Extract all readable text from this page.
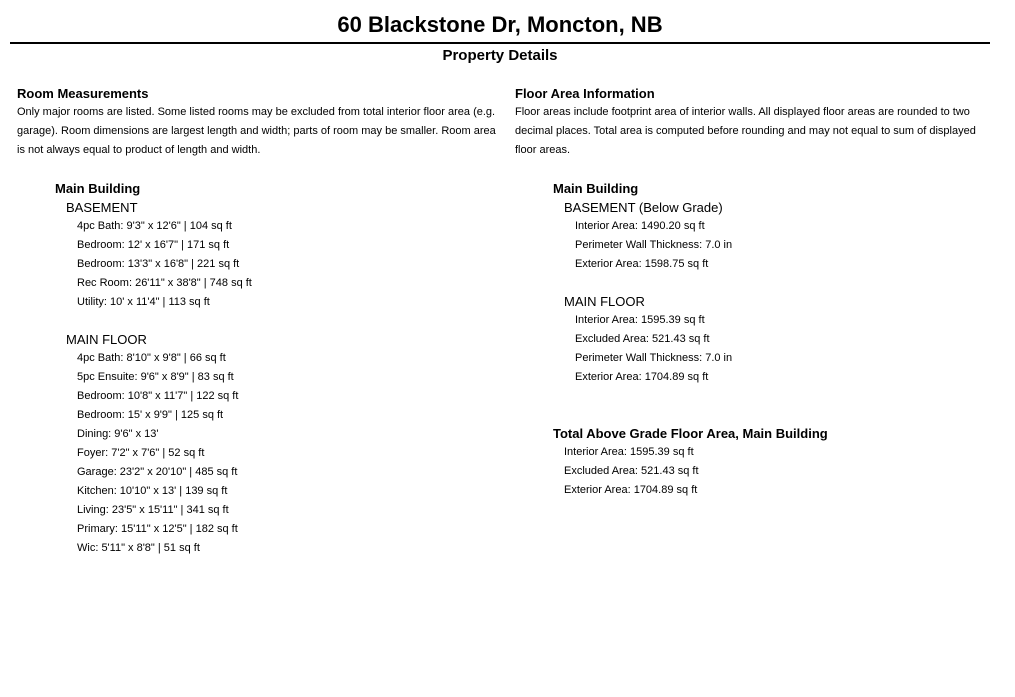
60 Blackstone Dr, Moncton, NB
Property Details
Room Measurements

Only major rooms are listed. Some listed rooms may be excluded from total interior floor area (e.g. garage). Room dimensions are largest length and width; parts of room may be smaller. Room area is not always equal to product of length and width.

Main Building
BASEMENT
4pc Bath: 9'3" x 12'6" | 104 sq ft
Bedroom: 12' x 16'7" | 171 sq ft
Bedroom: 13'3" x 16'8" | 221 sq ft
Rec Room: 26'11" x 38'8" | 748 sq ft
Utility: 10' x 11'4" | 113 sq ft
MAIN FLOOR
4pc Bath: 8'10" x 9'8" | 66 sq ft
5pc Ensuite: 9'6" x 8'9" | 83 sq ft
Bedroom: 10'8" x 11'7" | 122 sq ft
Bedroom: 15' x 9'9" | 125 sq ft
Dining: 9'6" x 13'
Foyer: 7'2" x 7'6" | 52 sq ft
Garage: 23'2" x 20'10" | 485 sq ft
Kitchen: 10'10" x 13' | 139 sq ft
Living: 23'5" x 15'11" | 341 sq ft
Primary: 15'11" x 12'5" | 182 sq ft
Wic: 5'11" x 8'8" | 51 sq ft
Floor Area Information

Floor areas include footprint area of interior walls. All displayed floor areas are rounded to two decimal places. Total area is computed before rounding and may not equal to sum of displayed floor areas.

Main Building
BASEMENT (Below Grade)
Interior Area: 1490.20 sq ft
Perimeter Wall Thickness: 7.0 in
Exterior Area: 1598.75 sq ft
MAIN FLOOR
Interior Area: 1595.39 sq ft
Excluded Area: 521.43 sq ft
Perimeter Wall Thickness: 7.0 in
Exterior Area: 1704.89 sq ft
Total Above Grade Floor Area, Main Building
Interior Area: 1595.39 sq ft
Excluded Area: 521.43 sq ft
Exterior Area: 1704.89 sq ft
